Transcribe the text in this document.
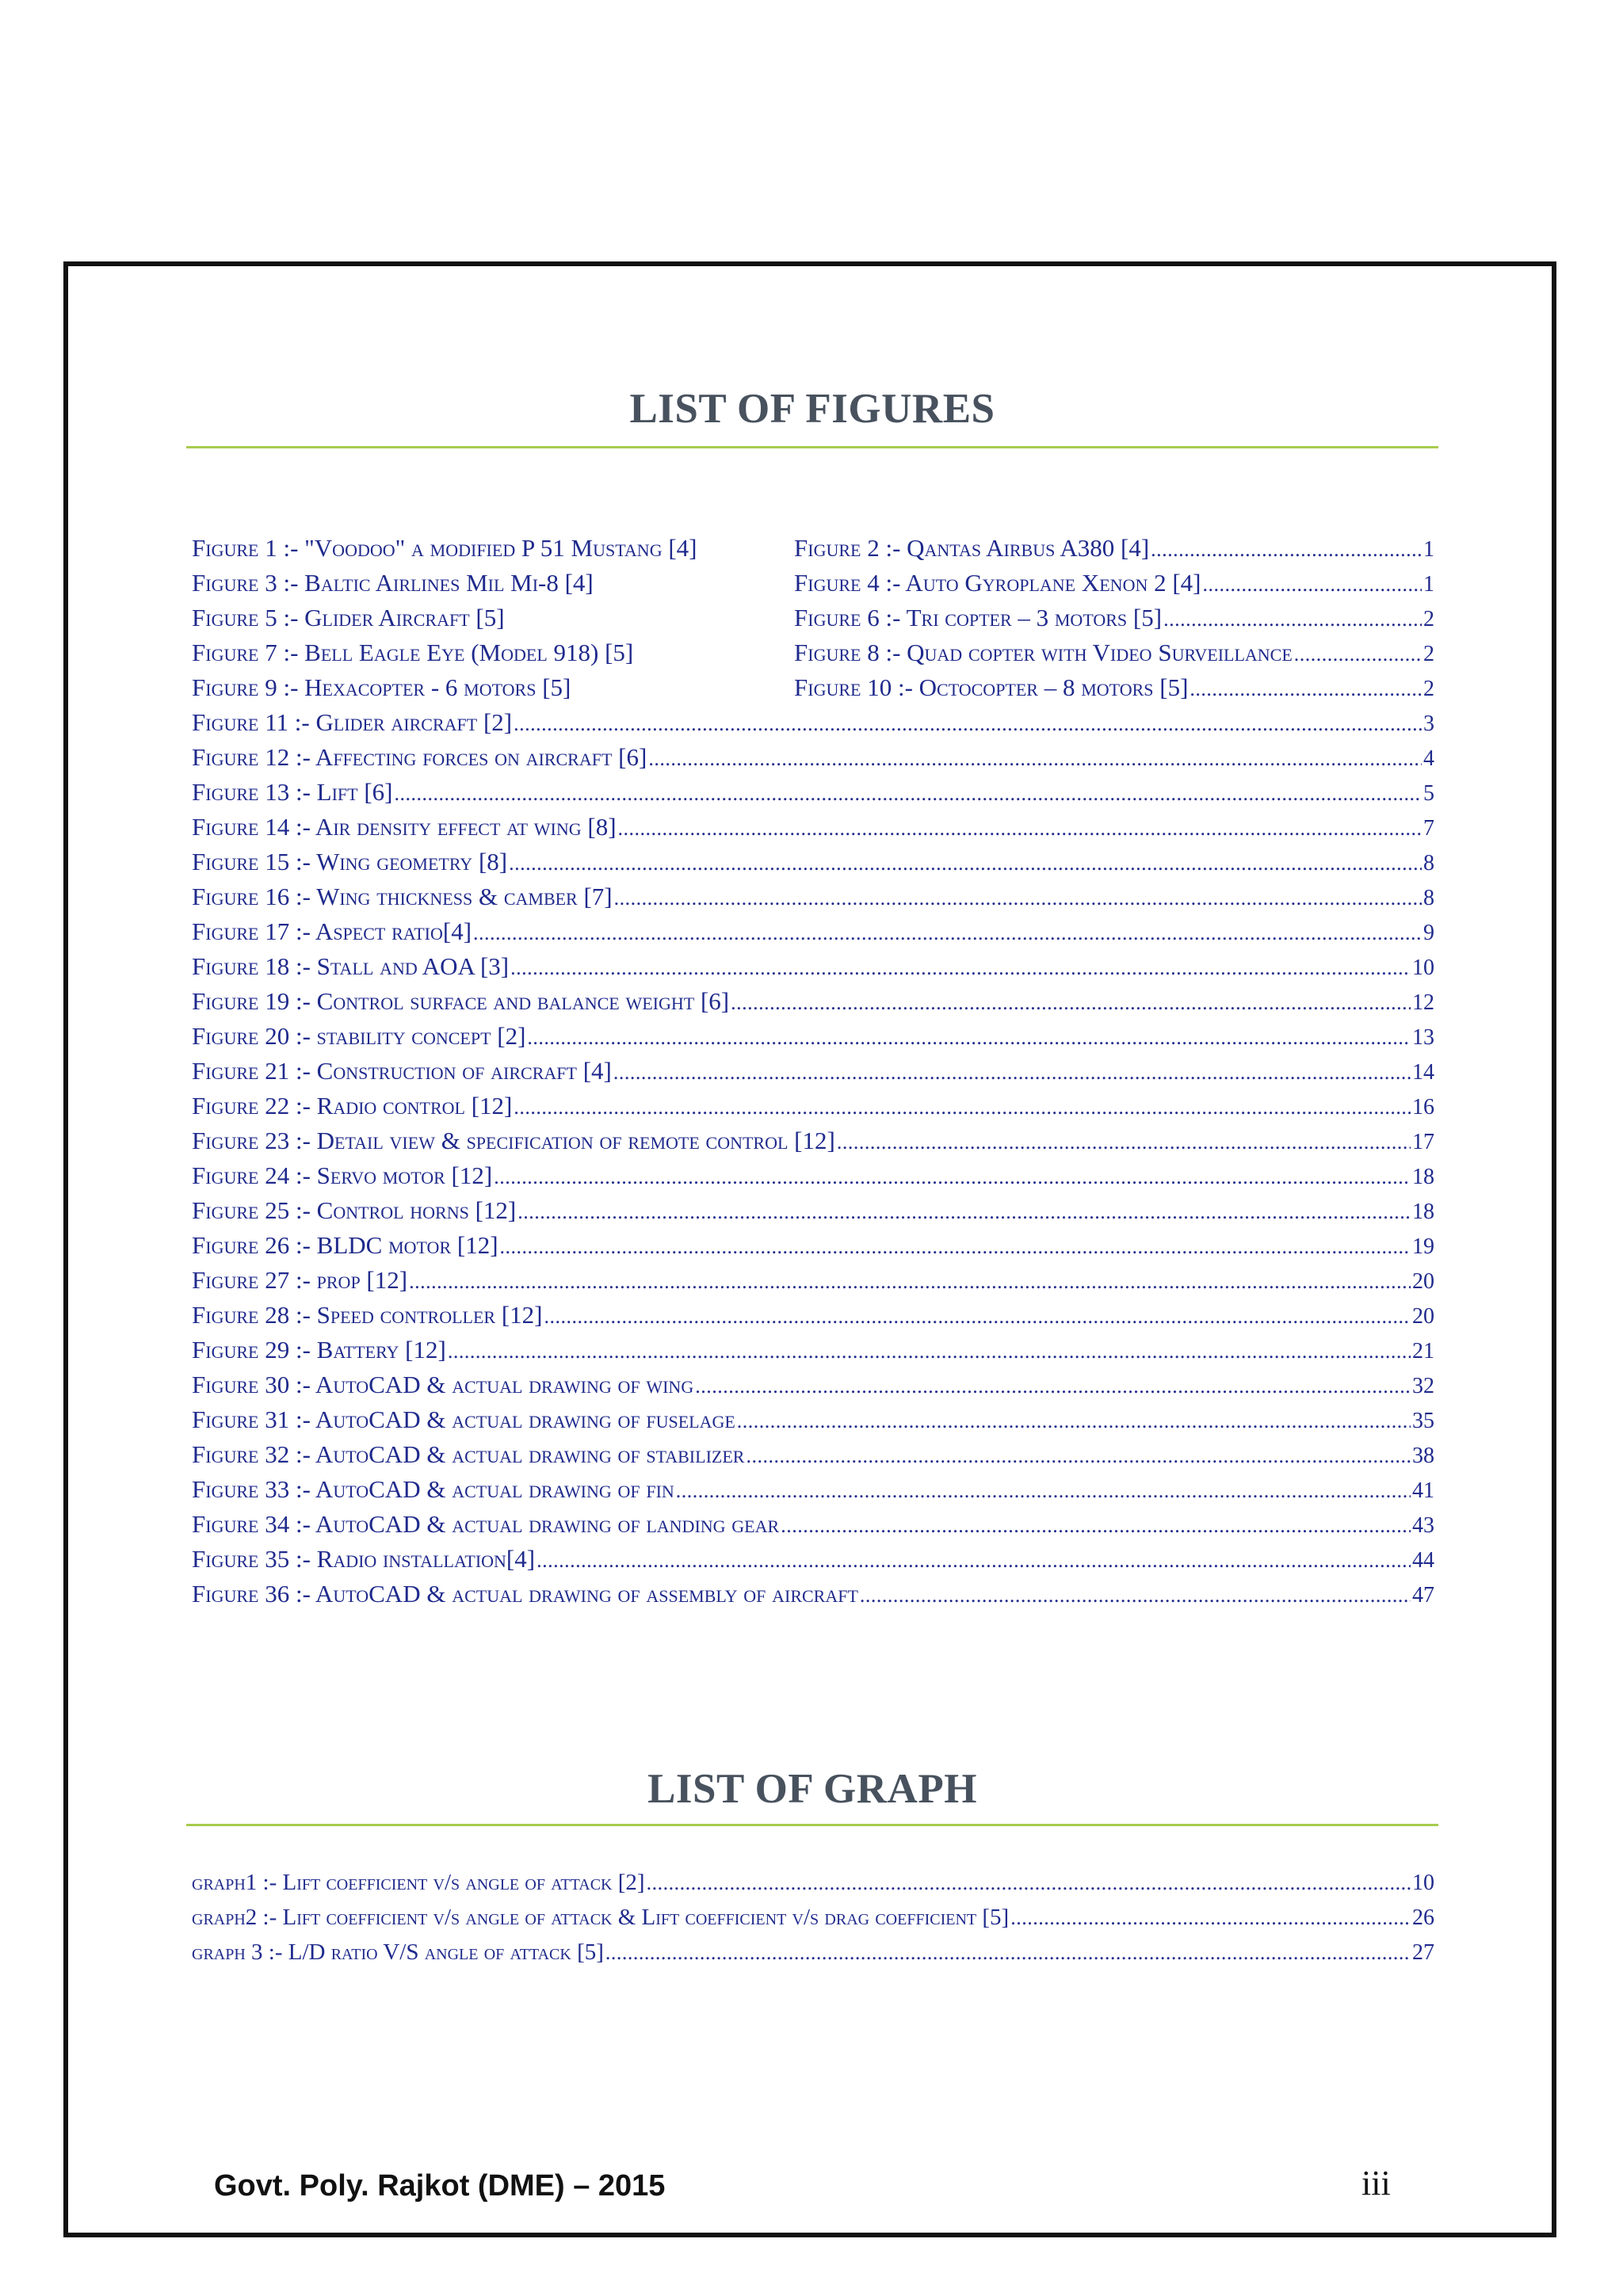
LIST OF FIGURES
Figure 1 :- "Voodoo" a modified P 51 Mustang [4]	Figure 2 :- Qantas Airbus A380 [4] . . .	1
Figure 3 :- Baltic Airlines Mil Mi-8 [4]	Figure 4 :- Auto Gyroplane Xenon 2 [4] . . .	1
Figure 5 :- Glider Aircraft [5]	Figure 6 :- Tri copter – 3 motors [5] . . .	2
Figure 7 :- Bell Eagle Eye (Model 918) [5]	Figure 8 :- Quad copter with Video Surveillance . . .	2
Figure 9 :- Hexacopter - 6 motors [5]	Figure 10 :- Octocopter – 8 motors [5] . . .	2
Figure 11 :- Glider aircraft [2] . . .	3
Figure 12 :- Affecting forces on aircraft [6] . . .	4
Figure 13 :- Lift [6] . . .	5
Figure 14 :- Air density effect at wing [8] . . .	7
Figure 15 :- Wing geometry [8] . . .	8
Figure 16 :- Wing thickness & camber [7] . . .	8
Figure 17 :- Aspect ratio[4] . . .	9
Figure 18 :- Stall and AOA [3] . . .	10
Figure 19 :- Control surface and balance weight [6] . . .	12
Figure 20 :- stability concept [2] . . .	13
Figure 21 :- Construction of aircraft [4] . . .	14
Figure 22 :- Radio control [12] . . .	16
Figure 23 :- Detail view & specification of remote control [12] . . .	17
Figure 24 :- Servo motor [12] . . .	18
Figure 25 :- Control horns [12] . . .	18
Figure 26 :- BLDC motor [12] . . .	19
Figure 27 :- prop [12] . . .	20
Figure 28 :- Speed controller [12] . . .	20
Figure 29 :- Battery [12] . . .	21
Figure 30 :- AutoCAD & actual drawing of wing . . .	32
Figure 31 :- AutoCAD & actual drawing of fuselage . . .	35
Figure 32 :- AutoCAD & actual drawing of stabilizer . . .	38
Figure 33 :- AutoCAD & actual drawing of fin . . .	41
Figure 34 :- AutoCAD & actual drawing of landing gear . . .	43
Figure 35 :- Radio installation[4] . . .	44
Figure 36 :- AutoCAD & actual drawing of assembly of aircraft . . .	47
LIST OF GRAPH
graph1 :- Lift coefficient v/s angle of attack [2] . . .	10
graph2 :- Lift coefficient v/s angle of attack & Lift coefficient v/s drag coefficient [5] . . .	26
graph 3 :- L/D ratio V/S angle of attack [5] . . .	27
Govt. Poly. Rajkot (DME) – 2015	iii
